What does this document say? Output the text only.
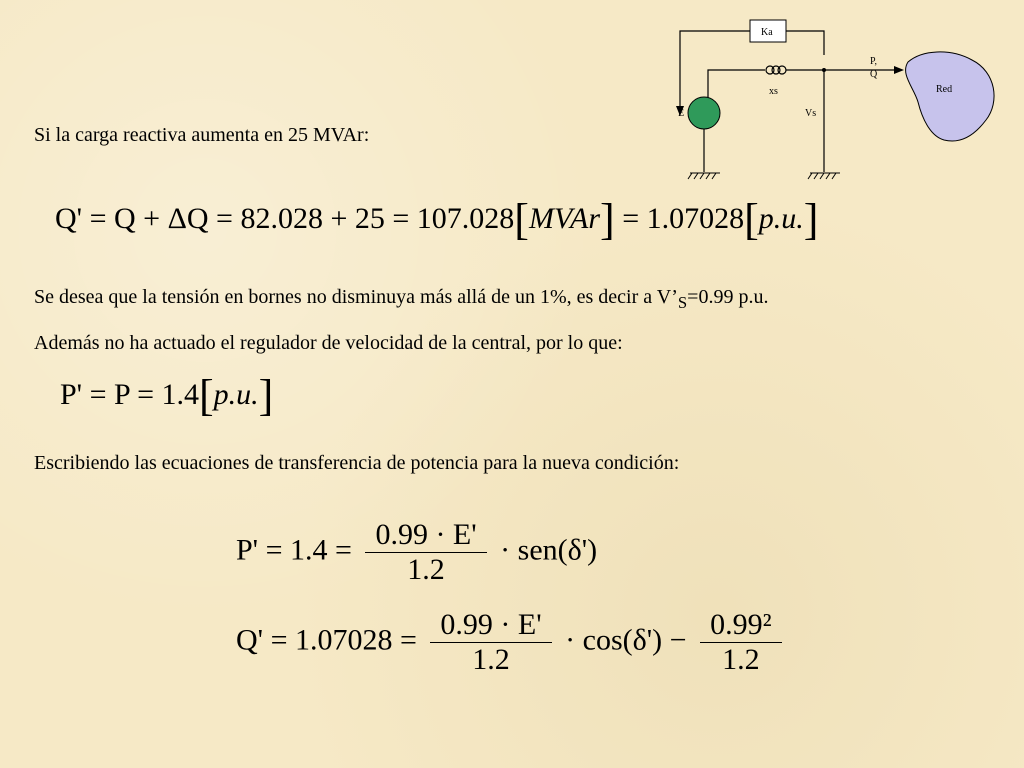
Ka
P,
Q
xs
E	Vs
Red
Si la carga reactiva aumenta en 25 MVAr:
Q' = Q + ΔQ = 82.028 + 25 = 107.028[MVAr] = 1.07028[p.u.]
Se desea que la tensión en bornes no disminuya más allá de un 1%, es decir a $V’_S=0.99$ p.u.
Además no ha actuado el regulador de velocidad de la central, por lo que:
P' = P = 1.4[p.u.]
Escribiendo las ecuaciones de transferencia de potencia para la nueva condición:
$P' = 1.4 = \frac{0.99 \cdot E'}{1.2} \cdot sen(\delta')$
$Q' = 1.07028 = \frac{0.99 \cdot E'}{1.2} \cdot \cos(\delta') - \frac{\text{0.99²}}{1.2}$
